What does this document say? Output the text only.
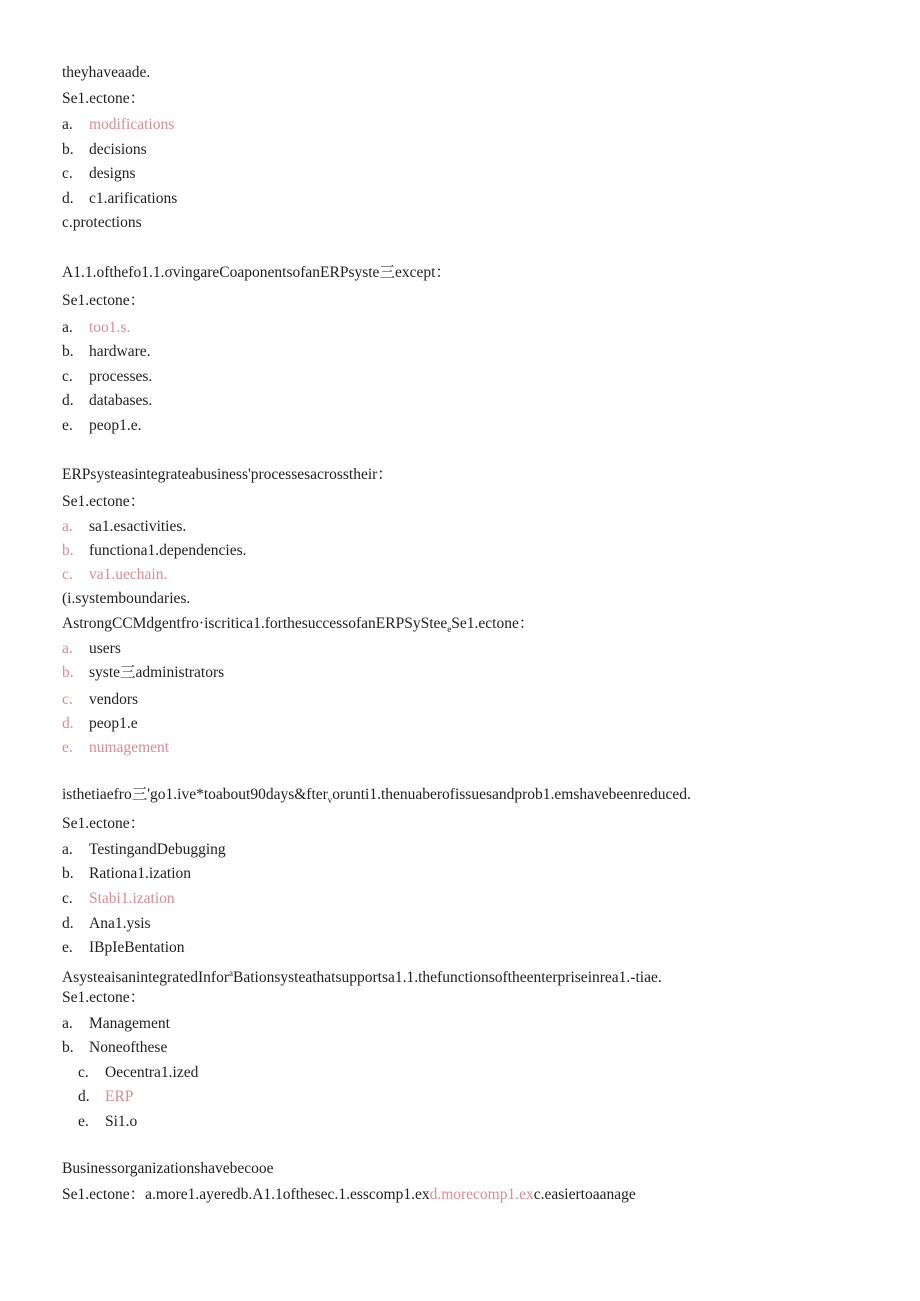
theyhaveaade.
Se1.ectone：
a. modifications
b. decisions
c. designs
d. c1.arifications
c.protections
A1.1.ofthefo1.1.σvingareCoaponentsofanERPsyste三except：
Se1.ectone：
a. too1.s.
b. hardware.
c. processes.
d. databases.
e. peop1.e.
ERPsysteasintegrateabusiness'processesacrosstheir：
Se1.ectone：
a. sa1.esactivities.
b. functiona1.dependencies.
c. va1.uechain.
(i.systemboundaries.
AstrongCCMdgentfro·iscritica1.forthesuccessofanERPSyStee$_e$Se1.ectone：
a. users
b. syste三administrators
c. vendors
d. peop1.e
e. numagement
isthetiaefro三'go1.ive*toabout90days&fter$_v$orunti1.thenuaberofissuesandprob1.emshavebeenreduced.
Se1.ectone：
a. TestingandDebugging
b. Rationa1.ization
c. Stabi1.ization
d. Ana1.ysis
e. IBpIeBentation
AsysteaisanintegratedInfor$^a$Bationsysteathatsupportsa1.1.thefunctionsoftheenterpriseinrea1.-tiae.
Se1.ectone：
a. Management
b. Noneofthese
c. Oecentra1.ized
d. ERP
e. Si1.o
Businessorganizationshavebecooe
Se1.ectone：a.more1.ayeredb.A1.1ofthesec.1.esscomp1.exd.morecomp1.exc.easiertoaanage
